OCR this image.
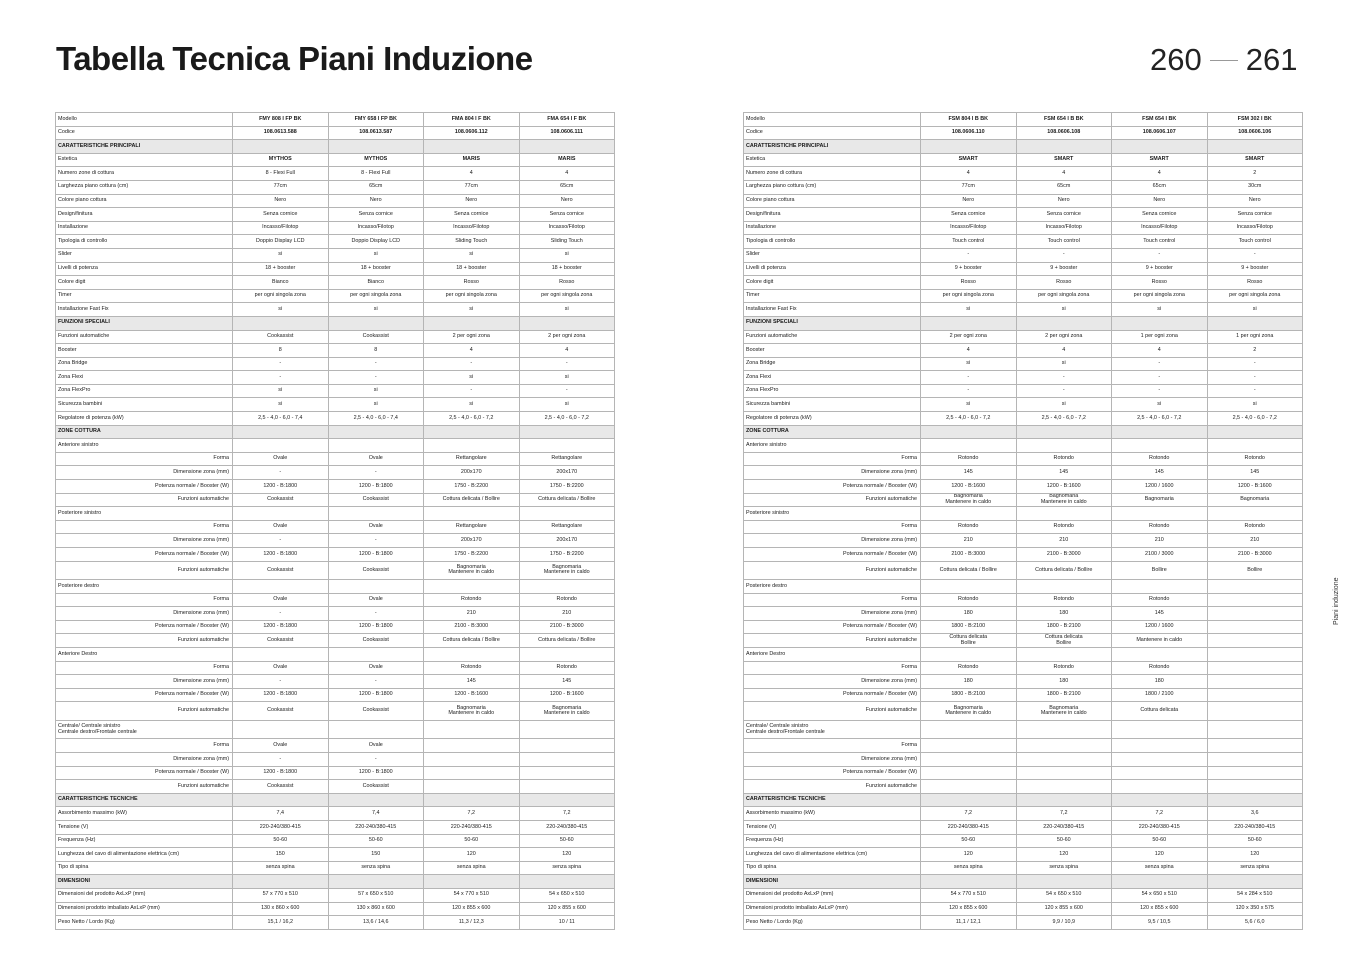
Tabella Tecnica Piani Induzione	260 261
Piani induzione
Modello	FMY 808 I FP BK	FMY 658 I FP BK	FMA 804 I F BK	FMA 654 I F BK

Codice	108.0613.588	108.0613.587	108.0606.112	108.0606.111

CARATTERISTICHE PRINCIPALI				

Estetica	MYTHOS	MYTHOS	MARIS	MARIS

Numero zone di cottura	8 - Flexi Full	8 - Flexi Full	4	4

Larghezza piano cottura (cm)	77cm	65cm	77cm	65cm

Colore piano cottura	Nero	Nero	Nero	Nero

Design/finitura	Senza cornice	Senza cornice	Senza cornice	Senza cornice

Installazione	Incasso/Filotop	Incasso/Filotop	Incasso/Filotop	Incasso/Filotop

Tipologia di controllo	Doppio Display LCD	Doppio Display LCD	Sliding Touch	Sliding Touch

Slider	si	si	si	si

Livelli di potenza	18 + booster	18 + booster	18 + booster	18 + booster

Colore digit	Bianco	Bianco	Rosso	Rosso

Timer	per ogni singola zona	per ogni singola zona	per ogni singola zona	per ogni singola zona

Installazione Fast Fix	si	si	si	si

FUNZIONI SPECIALI				

Funzioni automatiche	Cookassist	Cookassist	2 per ogni zona	2 per ogni zona

Booster	8	8	4	4

Zona Bridge	-	-	-	-

Zona Flexi	-	-	si	si

Zona FlexPro	si	si	-	-

Sicurezza bambini	si	si	si	si

Regolatore di potenza (kW)	2,5 - 4,0 - 6,0 - 7,4	2,5 - 4,0 - 6,0 - 7,4	2,5 - 4,0 - 6,0 - 7,2	2,5 - 4,0 - 6,0 - 7,2

ZONE COTTURA				

Anteriore sinistro				

Forma	Ovale	Ovale	Rettangolare	Rettangolare

Dimensione zona (mm)	-	-	200x170	200x170

Potenza normale / Booster (W)	1200 - B:1800	1200 - B:1800	1750 - B:2200	1750 - B:2200

Funzioni automatiche	Cookassist	Cookassist	Cottura delicata / Bollire	Cottura delicata / Bollire

Posteriore sinistro				

Forma	Ovale	Ovale	Rettangolare	Rettangolare

Dimensione zona (mm)	-	-	200x170	200x170

Potenza normale / Booster (W)	1200 - B:1800	1200 - B:1800	1750 - B:2200	1750 - B:2200

Funzioni automatiche	Cookassist	Cookassist	Bagnomaria
Mantenere in caldo	Bagnomaria
Mantenere in caldo

Posteriore destro				

Forma	Ovale	Ovale	Rotondo	Rotondo

Dimensione zona (mm)	-	-	210	210

Potenza normale / Booster (W)	1200 - B:1800	1200 - B:1800	2100 - B:3000	2100 - B:3000

Funzioni automatiche	Cookassist	Cookassist	Cottura delicata / Bollire	Cottura delicata / Bollire

Anteriore Destro				

Forma	Ovale	Ovale	Rotondo	Rotondo

Dimensione zona (mm)	-	-	145	145

Potenza normale / Booster (W)	1200 - B:1800	1200 - B:1800	1200 - B:1600	1200 - B:1600

Funzioni automatiche	Cookassist	Cookassist	Bagnomaria
Mantenere in caldo	Bagnomaria
Mantenere in caldo

Centrale/ Centrale sinistro
Centrale destro/Frontale centrale				

Forma	Ovale	Ovale		

Dimensione zona (mm)	-	-		

Potenza normale / Booster (W)	1200 - B:1800	1200 - B:1800		

Funzioni automatiche	Cookassist	Cookassist		

CARATTERISTICHE TECNICHE				

Assorbimento massimo (kW)	7,4	7,4	7,2	7,2

Tensione (V)	220-240/380-415	220-240/380-415	220-240/380-415	220-240/380-415

Frequenza (Hz)	50-60	50-60	50-60	50-60

Lunghezza del cavo di alimentazione elettrica (cm)	150	150	120	120

Tipo di spina	senza spina	senza spina	senza spina	senza spina

DIMENSIONI				

Dimensioni del prodotto AxLxP (mm)	57 x 770 x 510	57 x 650 x 510	54 x 770 x 510	54 x 650 x 510

Dimensioni prodotto imballato AxLxP (mm)	130 x 860 x 600	130 x 860 x 600	120 x 855 x 600	120 x 855 x 600

Peso Netto / Lordo (Kg)	15,1 / 16,2	13,6 / 14,6	11,3 / 12,3	10 / 11
Modello	FSM 804 I B BK	FSM 654 I B BK	FSM 654 I BK	FSM 302 I BK

Codice	108.0606.110	108.0606.108	108.0606.107	108.0606.106

CARATTERISTICHE PRINCIPALI				

Estetica	SMART	SMART	SMART	SMART

Numero zone di cottura	4	4	4	2

Larghezza piano cottura (cm)	77cm	65cm	65cm	30cm

Colore piano cottura	Nero	Nero	Nero	Nero

Design/finitura	Senza cornice	Senza cornice	Senza cornice	Senza cornice

Installazione	Incasso/Filotop	Incasso/Filotop	Incasso/Filotop	Incasso/Filotop

Tipologia di controllo	Touch control	Touch control	Touch control	Touch control

Slider	-	-	-	-

Livelli di potenza	9 + booster	9 + booster	9 + booster	9 + booster

Colore digit	Rosso	Rosso	Rosso	Rosso

Timer	per ogni singola zona	per ogni singola zona	per ogni singola zona	per ogni singola zona

Installazione Fast Fix	si	si	si	si

FUNZIONI SPECIALI				

Funzioni automatiche	2 per ogni zona	2 per ogni zona	1 per ogni zona	1 per ogni zona

Booster	4	4	4	2

Zona Bridge	si	si	-	-

Zona Flexi	-	-	-	-

Zona FlexPro	-	-	-	-

Sicurezza bambini	si	si	si	si

Regolatore di potenza (kW)	2,5 - 4,0 - 6,0 - 7,2	2,5 - 4,0 - 6,0 - 7,2	2,5 - 4,0 - 6,0 - 7,2	2,5 - 4,0 - 6,0 - 7,2

ZONE COTTURA				

Anteriore sinistro				

Forma	Rotondo	Rotondo	Rotondo	Rotondo

Dimensione zona (mm)	145	145	145	145

Potenza normale / Booster (W)	1200 - B:1600	1200 - B:1600	1200 / 1600	1200 - B:1600

Funzioni automatiche	Bagnomaria
Mantenere in caldo	Bagnomaria
Mantenere in caldo	Bagnomaria	Bagnomaria

Posteriore sinistro				

Forma	Rotondo	Rotondo	Rotondo	Rotondo

Dimensione zona (mm)	210	210	210	210

Potenza normale / Booster (W)	2100 - B:3000	2100 - B:3000	2100 / 3000	2100 - B:3000

Funzioni automatiche	Cottura delicata / Bollire	Cottura delicata / Bollire	Bollire	Bollire

Posteriore destro				

Forma	Rotondo	Rotondo	Rotondo	

Dimensione zona (mm)	180	180	145	

Potenza normale / Booster (W)	1800 - B:2100	1800 - B:2100	1200 / 1600	

Funzioni automatiche	Cottura delicata
Bollire	Cottura delicata
Bollire	Mantenere in caldo	

Anteriore Destro				

Forma	Rotondo	Rotondo	Rotondo	

Dimensione zona (mm)	180	180	180	

Potenza normale / Booster (W)	1800 - B:2100	1800 - B:2100	1800 / 2100	

Funzioni automatiche	Bagnomaria
Mantenere in caldo	Bagnomaria
Mantenere in caldo	Cottura delicata	

Centrale/ Centrale sinistro
Centrale destro/Frontale centrale				

Forma				

Dimensione zona (mm)				

Potenza normale / Booster (W)				

Funzioni automatiche				

CARATTERISTICHE TECNICHE				

Assorbimento massimo (kW)	7,2	7,2	7,2	3,6

Tensione (V)	220-240/380-415	220-240/380-415	220-240/380-415	220-240/380-415

Frequenza (Hz)	50-60	50-60	50-60	50-60

Lunghezza del cavo di alimentazione elettrica (cm)	120	120	120	120

Tipo di spina	senza spina	senza spina	senza spina	senza spina

DIMENSIONI				

Dimensioni del prodotto AxLxP (mm)	54 x 770 x 510	54 x 650 x 510	54 x 650 x 510	54 x 284 x 510

Dimensioni prodotto imballato AxLxP (mm)	120 x 855 x 600	120 x 855 x 600	120 x 855 x 600	120 x 350 x 575

Peso Netto / Lordo (Kg)	11,1 / 12,1	9,9 / 10,9	9,5 / 10,5	5,6 / 6,0
